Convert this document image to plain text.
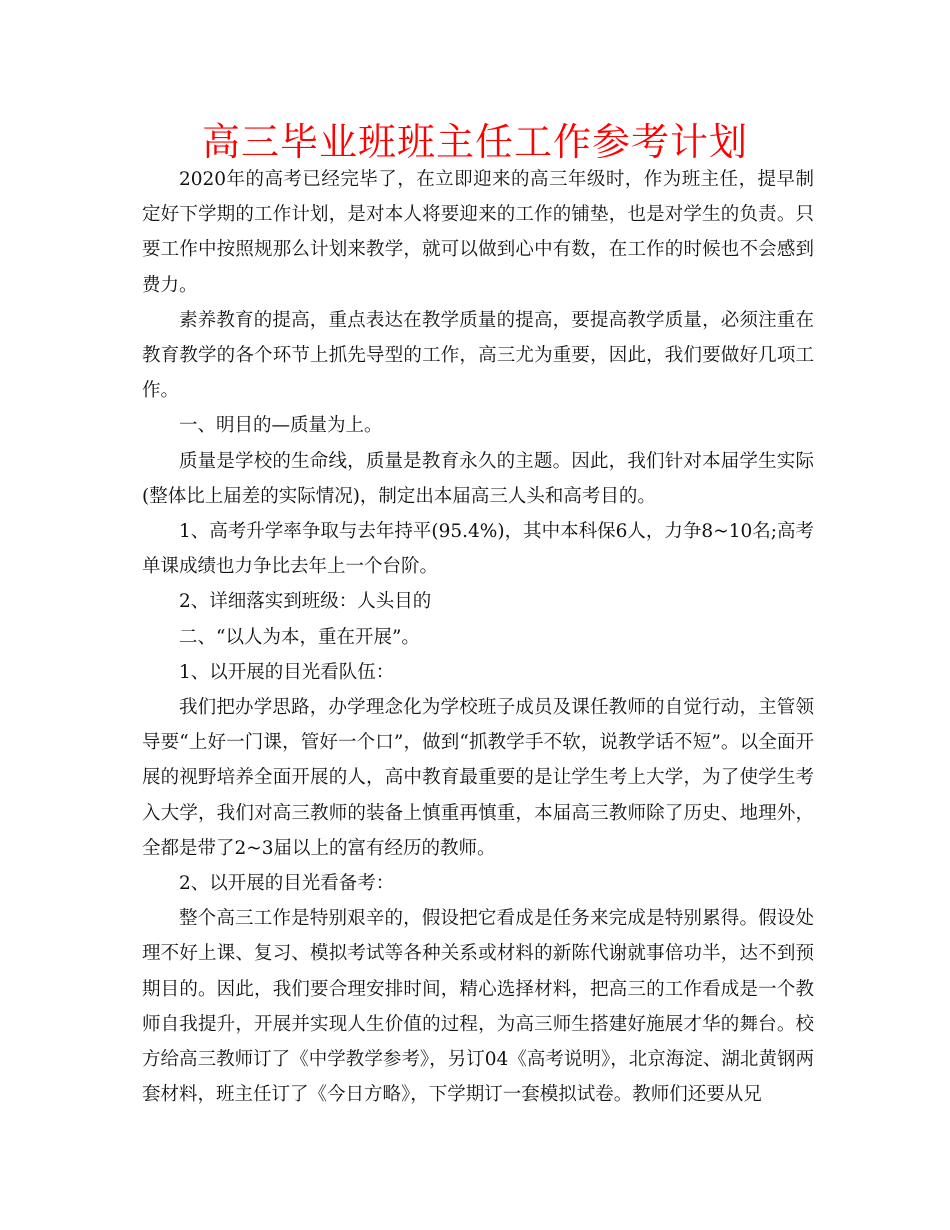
高三毕业班班主任工作参考计划

2020年的高考已经完毕了，在立即迎来的高三年级时，作为班主任，提早制定好下学期的工作计划，是对本人将要迎来的工作的铺垫，也是对学生的负责。只要工作中按照规那么计划来教学，就可以做到心中有数，在工作的时候也不会感到费力。

素养教育的提高，重点表达在教学质量的提高，要提高教学质量，必须注重在教育教学的各个环节上抓先导型的工作，高三尤为重要，因此，我们要做好几项工作。

一、明目的—质量为上。

质量是学校的生命线，质量是教育永久的主题。因此，我们针对本届学生实际(整体比上届差的实际情况)，制定出本届高三人头和高考目的。

1、高考升学率争取与去年持平(95.4%)，其中本科保6人，力争8~10名;高考单课成绩也力争比去年上一个台阶。

2、详细落实到班级：人头目的

二、“以人为本，重在开展”。

1、以开展的目光看队伍：

我们把办学思路，办学理念化为学校班子成员及课任教师的自觉行动，主管领导要“上好一门课，管好一个口”，做到“抓教学手不软，说教学话不短”。以全面开展的视野培养全面开展的人，高中教育最重要的是让学生考上大学，为了使学生考入大学，我们对高三教师的装备上慎重再慎重，本届高三教师除了历史、地理外，全都是带了2~3届以上的富有经历的教师。

2、以开展的目光看备考：

整个高三工作是特别艰辛的，假设把它看成是任务来完成是特别累得。假设处理不好上课、复习、模拟考试等各种关系或材料的新陈代谢就事倍功半，达不到预期目的。因此，我们要合理安排时间，精心选择材料，把高三的工作看成是一个教师自我提升，开展并实现人生价值的过程，为高三师生搭建好施展才华的舞台。校方给高三教师订了《中学教学参考》，另订04《高考说明》，北京海淀、湖北黄钢两套材料，班主任订了《今日方略》，下学期订一套模拟试卷。教师们还要从兄
